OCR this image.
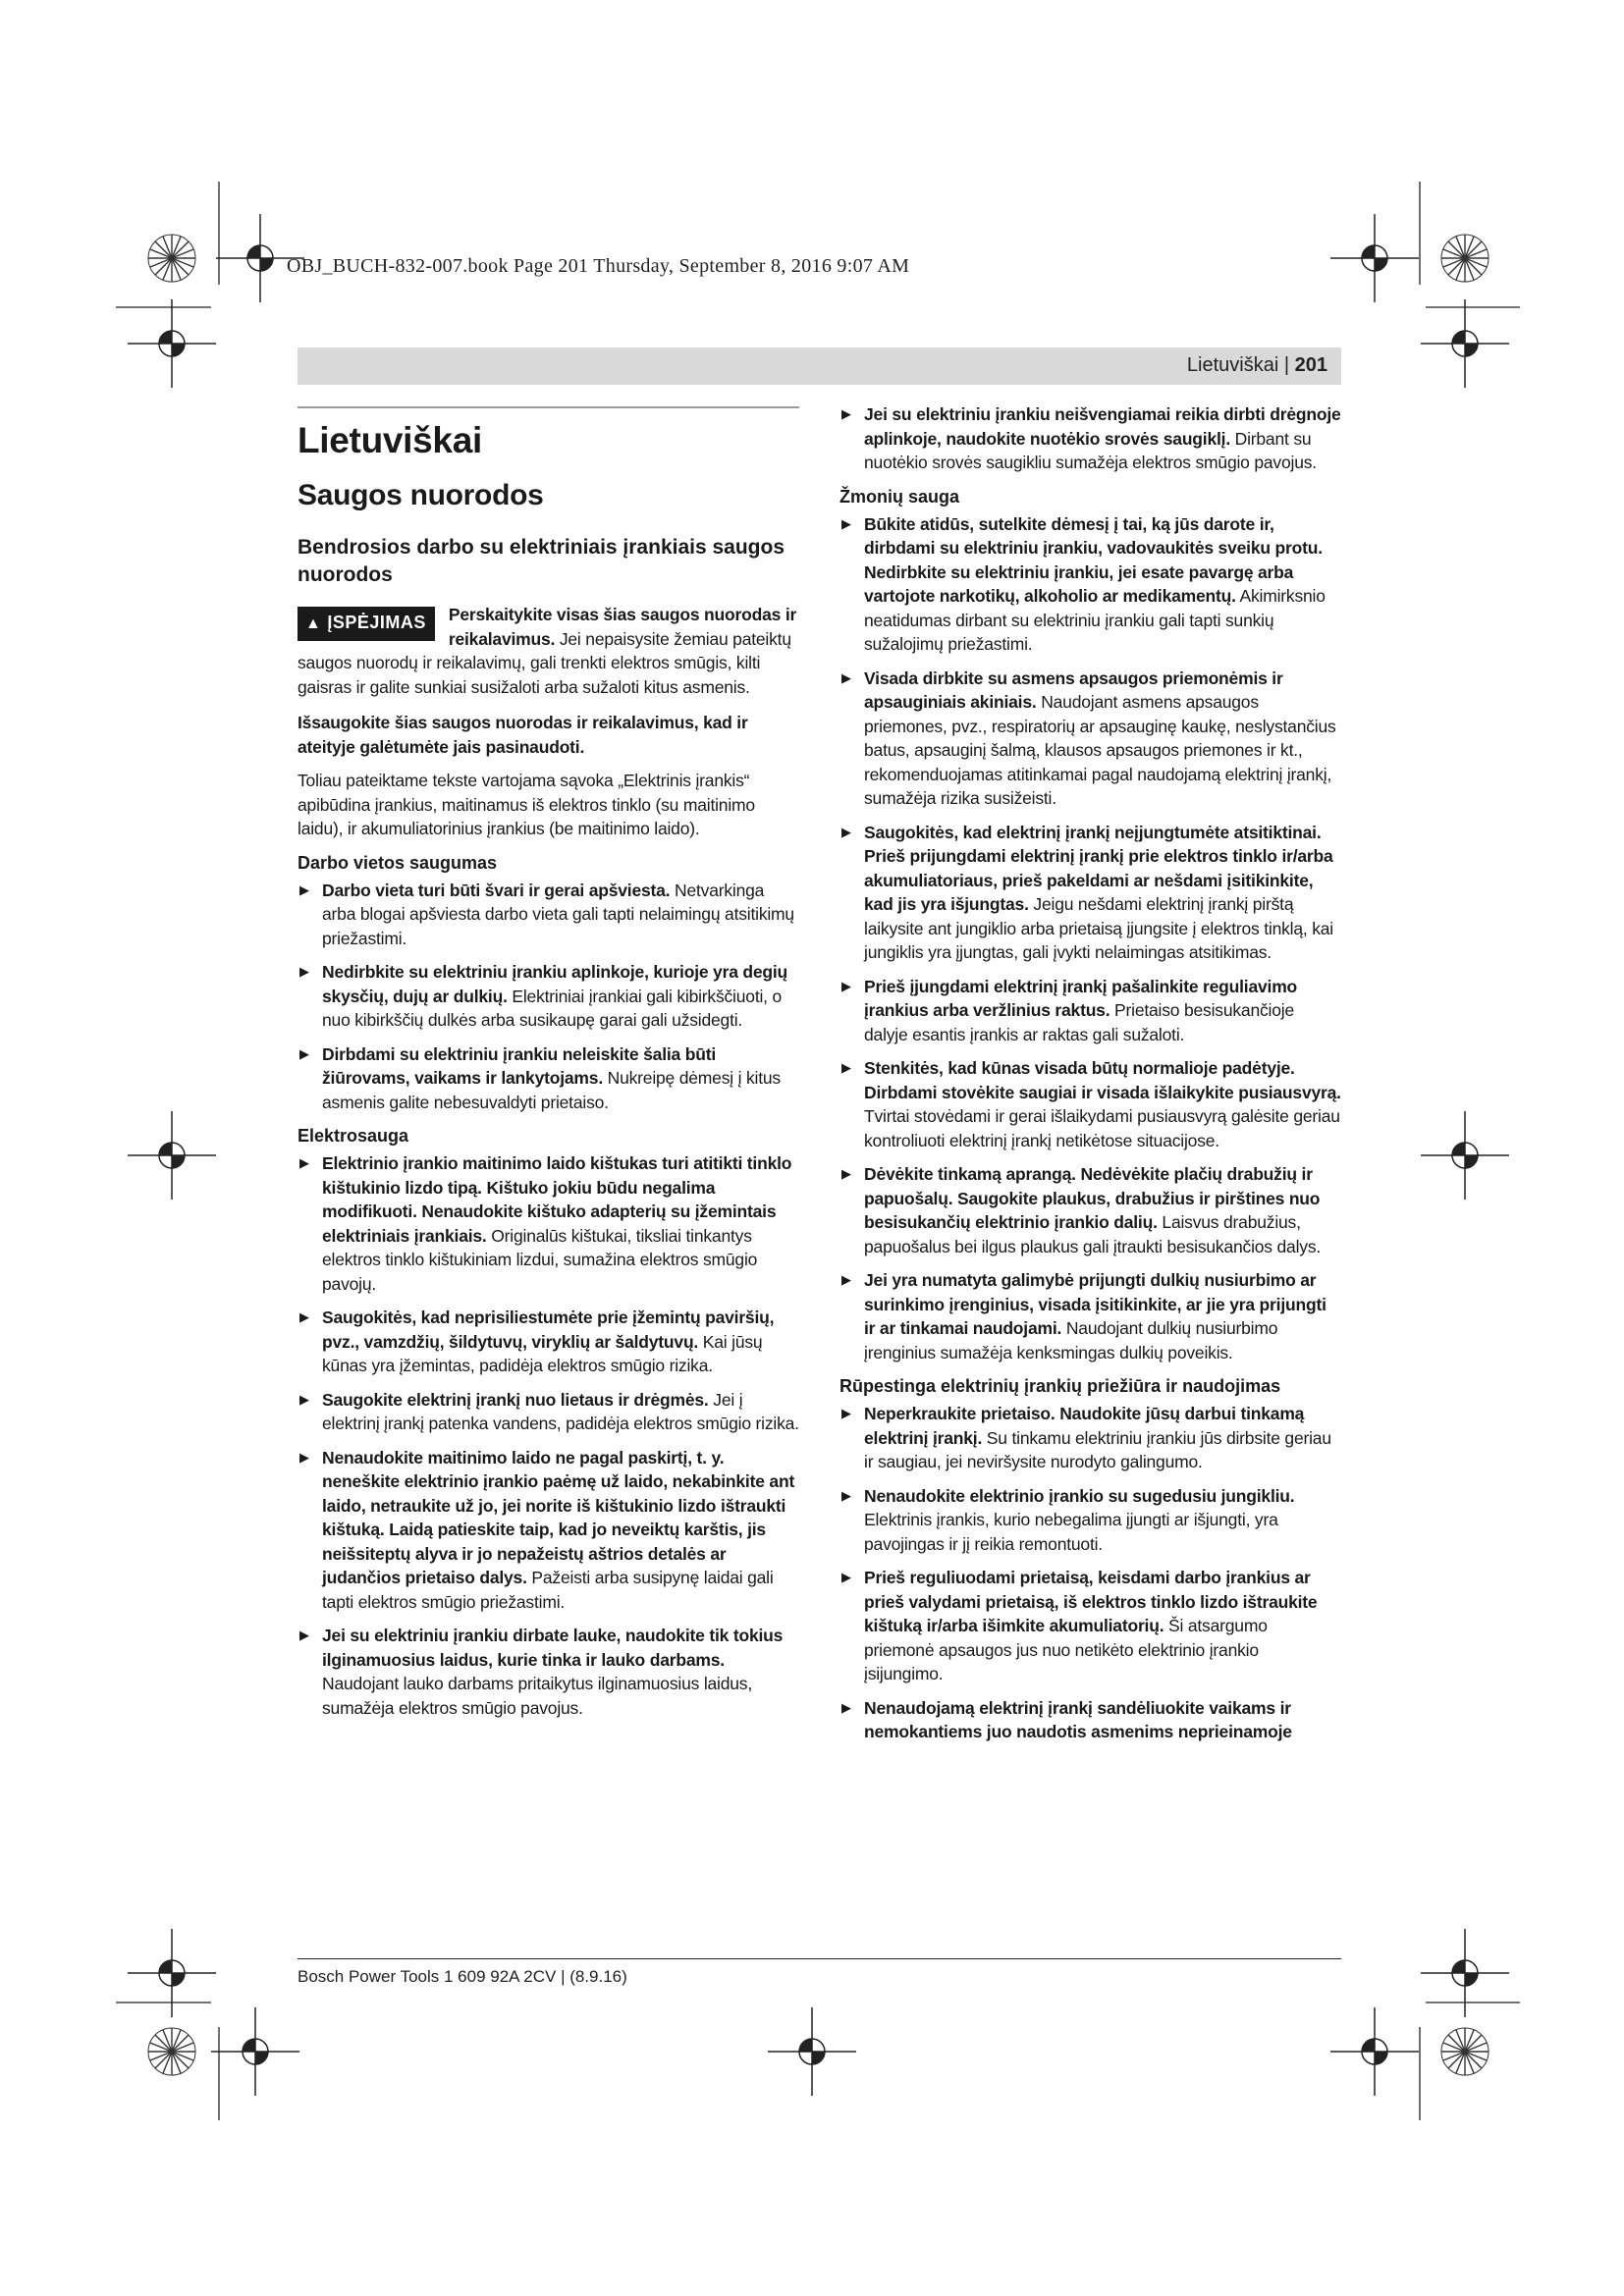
OBJ_BUCH-832-007.book Page 201 Thursday, September 8, 2016 9:07 AM
Lietuviškai | 201
Lietuviškai
Saugos nuorodos
Bendrosios darbo su elektriniais įrankiais saugos nuorodos
▲ ĮSPĖJIMAS	Perskaitykite visas šias saugos nuorodas ir reikalavimus. Jei nepaisysite žemiau pateiktų saugos nuorodų ir reikalavimų, gali trenkti elektros smūgis, kilti gaisras ir galite sunkiai susižaloti arba sužaloti kitus asmenis.
Išsaugokite šias saugos nuorodas ir reikalavimus, kad ir ateityje galėtumėte jais pasinaudoti.
Toliau pateiktame tekste vartojama sąvoka „Elektrinis įrankis“ apibūdina įrankius, maitinamus iš elektros tinklo (su maitinimo laidu), ir akumuliatorinius įrankius (be maitinimo laido).
Darbo vietos saugumas
▶ Darbo vieta turi būti švari ir gerai apšviesta. Netvarkinga arba blogai apšviesta darbo vieta gali tapti nelaimingų atsitikimų priežastimi.
▶ Nedirbkite su elektriniu įrankiu aplinkoje, kurioje yra degių skysčių, dujų ar dulkių. Elektriniai įrankiai gali kibirkščiuoti, o nuo kibirkščių dulkės arba susikaupę garai gali užsidegti.
▶ Dirbdami su elektriniu įrankiu neleiskite šalia būti žiūrovams, vaikams ir lankytojams. Nukreipę dėmesį į kitus asmenis galite nebesuvaldyti prietaiso.
Elektrosauga
▶ Elektrinio įrankio maitinimo laido kištukas turi atitikti tinklo kištukinio lizdo tipą. Kištuko jokiu būdu negalima modifikuoti. Nenaudokite kištuko adapterių su įžemintais elektriniais įrankiais. Originalūs kištukai, tiksliai tinkantys elektros tinklo kištukiniam lizdui, sumažina elektros smūgio pavojų.
▶ Saugokitės, kad neprisiliestumėte prie įžemintų paviršių, pvz., vamzdžių, šildytuvų, viryklių ar šaldytuvų. Kai jūsų kūnas yra įžemintas, padidėja elektros smūgio rizika.
▶ Saugokite elektrinį įrankį nuo lietaus ir drėgmės. Jei į elektrinį įrankį patenka vandens, padidėja elektros smūgio rizika.
▶ Nenaudokite maitinimo laido ne pagal paskirtį, t. y. neneškite elektrinio įrankio paėmę už laido, nekabinkite ant laido, netraukite už jo, jei norite iš kištukinio lizdo ištraukti kištuką. Laidą patieskite taip, kad jo neveiktų karštis, jis neišsiteptų alyva ir jo nepažeistų aštrios detalės ar judančios prietaiso dalys. Pažeisti arba susipynę laidai gali tapti elektros smūgio priežastimi.
▶ Jei su elektriniu įrankiu dirbate lauke, naudokite tik tokius ilginamuosius laidus, kurie tinka ir lauko darbams. Naudojant lauko darbams pritaikytus ilginamuosius laidus, sumažėja elektros smūgio pavojus.
▶ Jei su elektriniu įrankiu neišvengiamai reikia dirbti drėgnoje aplinkoje, naudokite nuotėkio srovės saugiklį. Dirbant su nuotėkio srovės saugikliu sumažėja elektros smūgio pavojus.
Žmonių sauga
▶ Būkite atidūs, sutelkite dėmesį į tai, ką jūs darote ir, dirbdami su elektriniu įrankiu, vadovaukitės sveiku protu. Nedirbkite su elektriniu įrankiu, jei esate pavargę arba vartojote narkotikų, alkoholio ar medikamentų. Akimirksnio neatidumas dirbant su elektriniu įrankiu gali tapti sunkių sužalojimų priežastimi.
▶ Visada dirbkite su asmens apsaugos priemonėmis ir apsauginiais akiniais. Naudojant asmens apsaugos priemones, pvz., respiratorių ar apsauginę kaukę, neslystančius batus, apsauginį šalmą, klausos apsaugos priemones ir kt., rekomenduojamas atitinkamai pagal naudojamą elektrinį įrankį, sumažėja rizika susižeisti.
▶ Saugokitės, kad elektrinį įrankį neįjungtumėte atsitiktinai. Prieš prijungdami elektrinį įrankį prie elektros tinklo ir/arba akumuliatoriaus, prieš pakeldami ar nešdami įsitikinkite, kad jis yra išjungtas. Jeigu nešdami elektrinį įrankį pirštą laikysite ant jungiklio arba prietaisą įjungsite į elektros tinklą, kai jungiklis yra įjungtas, gali įvykti nelaimingas atsitikimas.
▶ Prieš įjungdami elektrinį įrankį pašalinkite reguliavimo įrankius arba veržlinius raktus. Prietaiso besisukančioje dalyje esantis įrankis ar raktas gali sužaloti.
▶ Stenkitės, kad kūnas visada būtų normalioje padėtyje. Dirbdami stovėkite saugiai ir visada išlaikykite pusiausvyrą. Tvirtai stovėdami ir gerai išlaikydami pusiausvyrą galėsite geriau kontroliuoti elektrinį įrankį netikėtose situacijose.
▶ Dėvėkite tinkamą aprangą. Nedėvėkite plačių drabužių ir papuošalų. Saugokite plaukus, drabužius ir pirštines nuo besisukančių elektrinio įrankio dalių. Laisvus drabužius, papuošalus bei ilgus plaukus gali įtraukti besisukančios dalys.
▶ Jei yra numatyta galimybė prijungti dulkių nusiurbimo ar surinkimo įrenginius, visada įsitikinkite, ar jie yra prijungti ir ar tinkamai naudojami. Naudojant dulkių nusiurbimo įrenginius sumažėja kenksmingas dulkių poveikis.
Rūpestinga elektrinių įrankių priežiūra ir naudojimas
▶ Neperkraukite prietaiso. Naudokite jūsų darbui tinkamą elektrinį įrankį. Su tinkamu elektriniu įrankiu jūs dirbsite geriau ir saugiau, jei neviršysite nurodyto galingumo.
▶ Nenaudokite elektrinio įrankio su sugedusiu jungikliu. Elektrinis įrankis, kurio nebegalima įjungti ar išjungti, yra pavojingas ir jį reikia remontuoti.
▶ Prieš reguliuodami prietaisą, keisdami darbo įrankius ar prieš valydami prietaisą, iš elektros tinklo lizdo ištraukite kištuką ir/arba išimkite akumuliatorių. Ši atsargumo priemonė apsaugos jus nuo netikėto elektrinio įrankio įsijungimo.
▶ Nenaudojamą elektrinį įrankį sandėliuokite vaikams ir nemokantiems juo naudotis asmenims neprieinamoje
Bosch Power Tools 1 609 92A 2CV | (8.9.16)
